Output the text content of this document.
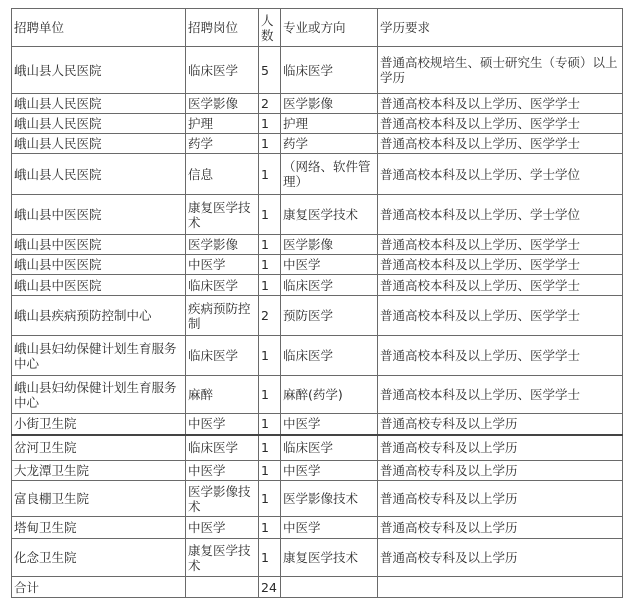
招聘单位	招聘岗位	人数	专业或方向	学历要求
峨山县人民医院	临床医学	5	临床医学	普通高校规培生、硕士研究生（专硕）以上学历
峨山县人民医院	医学影像	2	医学影像	普通高校本科及以上学历、医学学士
峨山县人民医院	护理	1	护理	普通高校本科及以上学历、医学学士
峨山县人民医院	药学	1	药学	普通高校本科及以上学历、医学学士
峨山县人民医院	信息	1	（网络、软件管理）	普通高校本科及以上学历、学士学位
峨山县中医医院	康复医学技术	1	康复医学技术	普通高校本科及以上学历、学士学位
峨山县中医医院	医学影像	1	医学影像	普通高校本科及以上学历、医学学士
峨山县中医医院	中医学	1	中医学	普通高校本科及以上学历、医学学士
峨山县中医医院	临床医学	1	临床医学	普通高校本科及以上学历、医学学士
峨山县疾病预防控制中心	疾病预防控制	2	预防医学	普通高校本科及以上学历、医学学士
峨山县妇幼保健计划生育服务中心	临床医学	1	临床医学	普通高校本科及以上学历、医学学士
峨山县妇幼保健计划生育服务中心	麻醉	1	麻醉(药学)	普通高校本科及以上学历、医学学士
小街卫生院	中医学	1	中医学	普通高校专科及以上学历
岔河卫生院	临床医学	1	临床医学	普通高校专科及以上学历
大龙潭卫生院	中医学	1	中医学	普通高校专科及以上学历
富良棚卫生院	医学影像技术	1	医学影像技术	普通高校专科及以上学历
塔甸卫生院	中医学	1	中医学	普通高校专科及以上学历
化念卫生院	康复医学技术	1	康复医学技术	普通高校专科及以上学历
合计		24		
